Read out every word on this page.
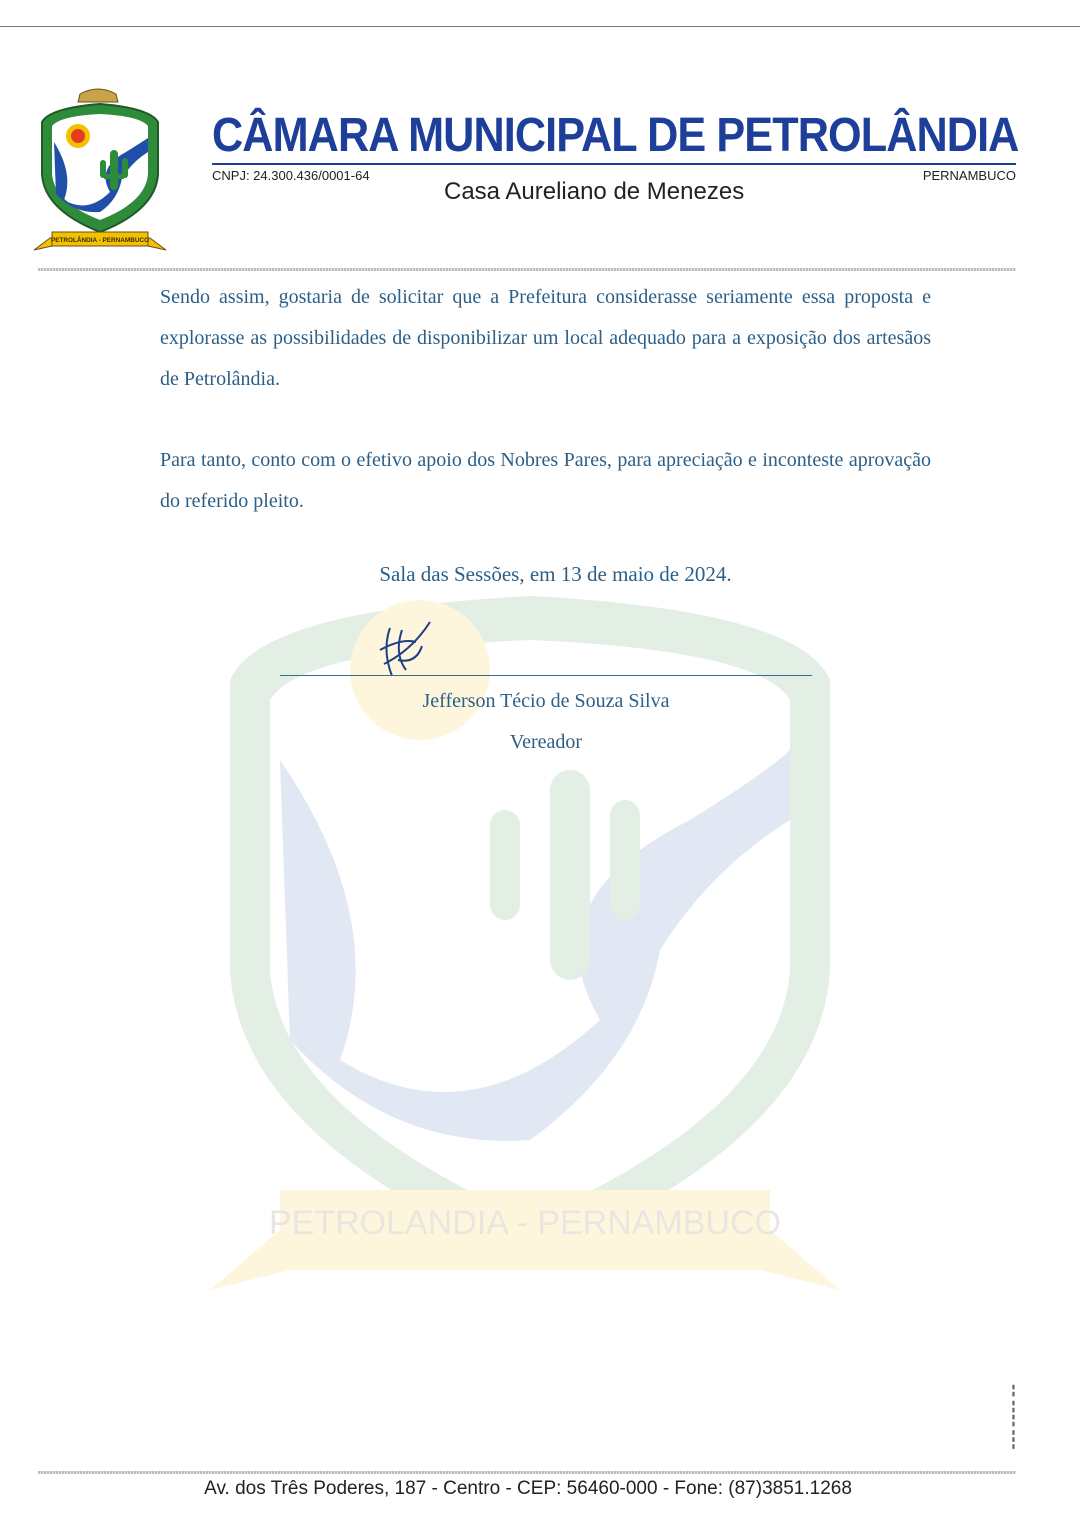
PETROLÂNDIA - PERNAMBUCO
CÂMARA MUNICIPAL DE PETROLÂNDIA
CNPJ: 24.300.436/0001-64	PERNAMBUCO
Casa Aureliano de Menezes
PETROLANDIA - PERNAMBUCO

Sendo assim, gostaria de solicitar que a Prefeitura considerasse seriamente essa proposta e explorasse as possibilidades de disponibilizar um local adequado para a exposição dos artesãos de Petrolândia.

Para tanto, conto com o efetivo apoio dos Nobres Pares, para apreciação e inconteste aprovação do referido pleito.

Sala das Sessões, em 13 de maio de 2024.
Jefferson Técio de Souza Silva
Vereador
▮▮▮ ▮▮▮▮ ▮▮
Av. dos Três Poderes, 187 - Centro - CEP: 56460-000 - Fone: (87)3851.1268
